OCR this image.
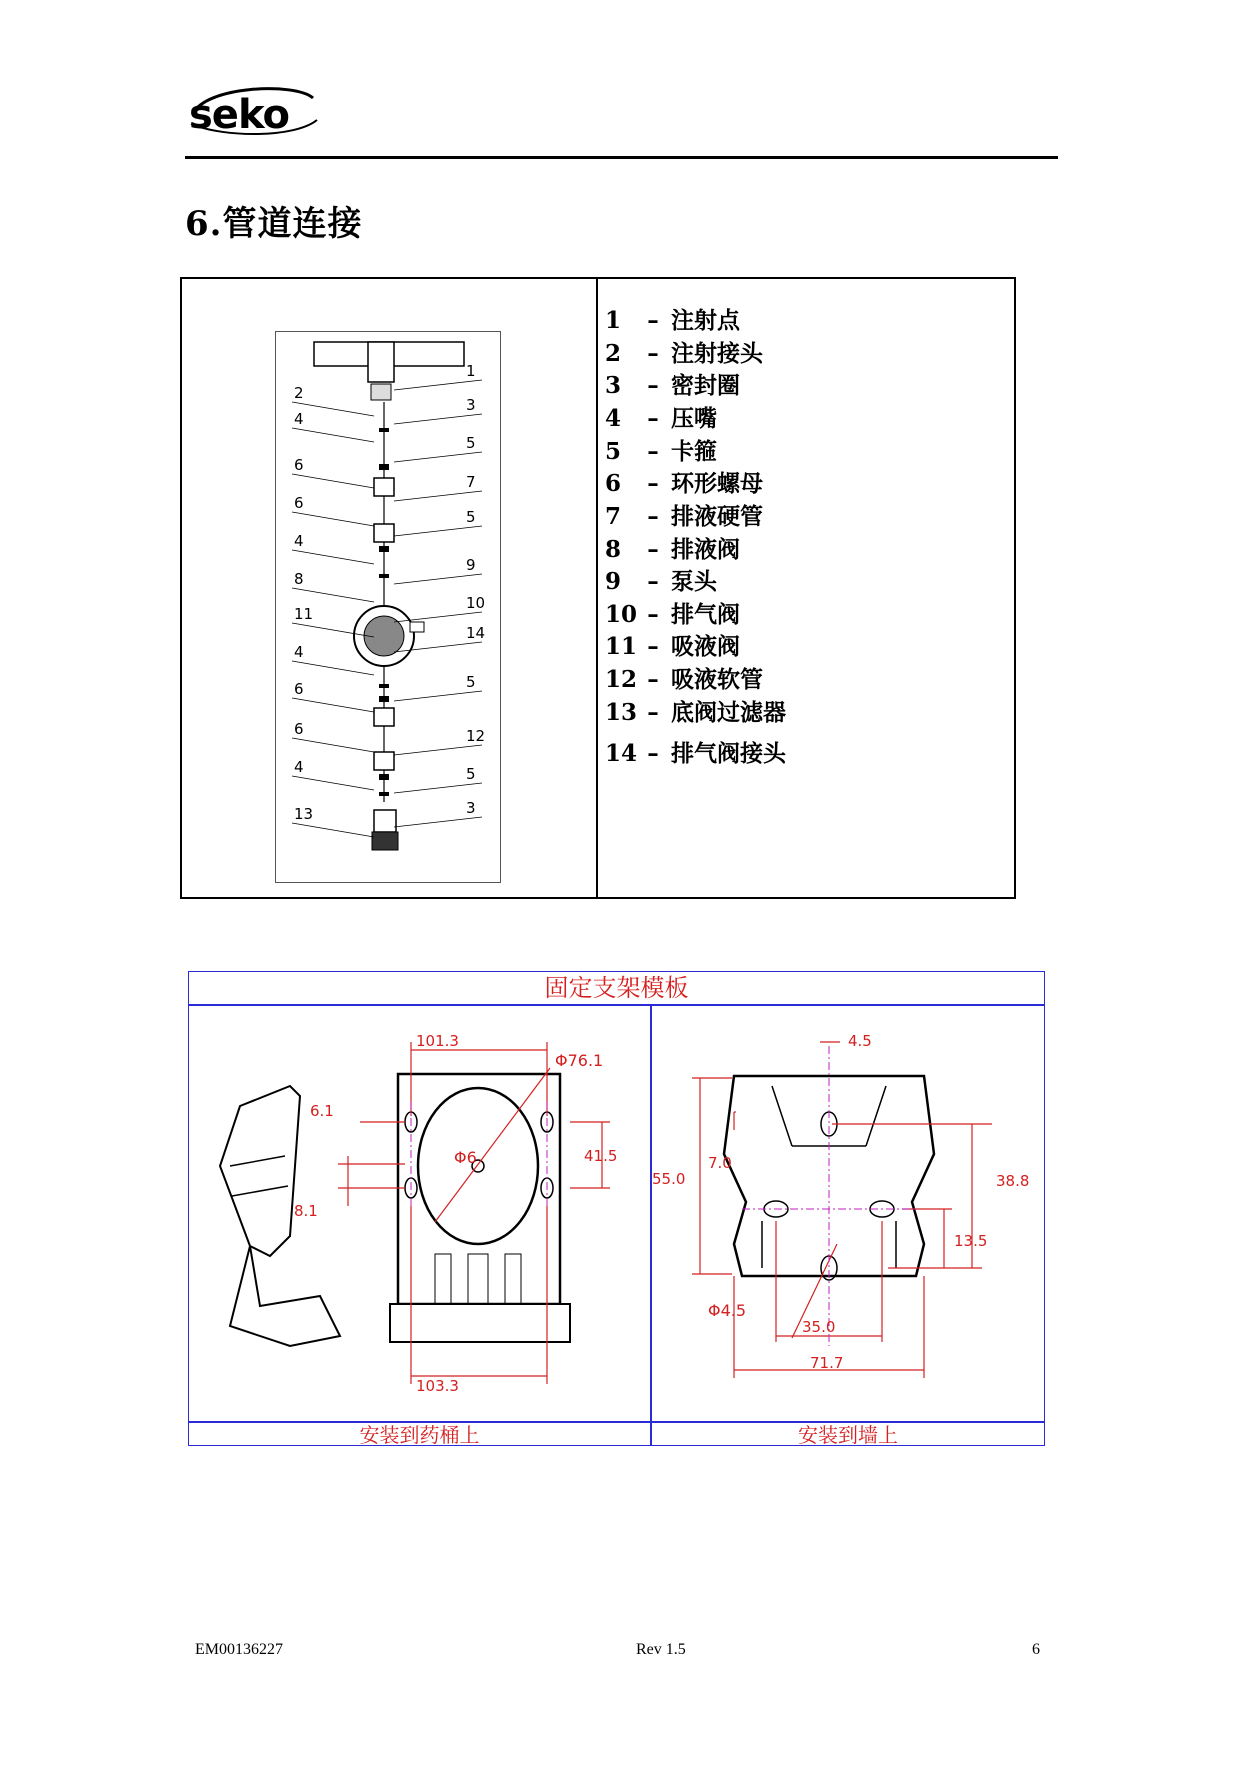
seko
6.管道连接
2
4
6
6
4
8
11
4
6
6
4
13
1
3
5
7
5
9
10
14
5
12
5
3
1 – 注射点
2 – 注射接头
3 – 密封圈
4 – 压嘴
5 – 卡箍
6 – 环形螺母
7 – 排液硬管
8 – 排液阀
9 – 泵头
10 – 排气阀
11 – 吸液阀
12 – 吸液软管
13 – 底阀过滤器
14 – 排气阀接头
固定支架模板
安装到药桶上	安装到墙上
101.3
Φ76.1
Φ6
6.1
41.5
8.1
103.3
4.5
55.0
7.0
38.8
13.5
Φ4.5
35.0
71.7
EM00136227	Rev 1.5	6
